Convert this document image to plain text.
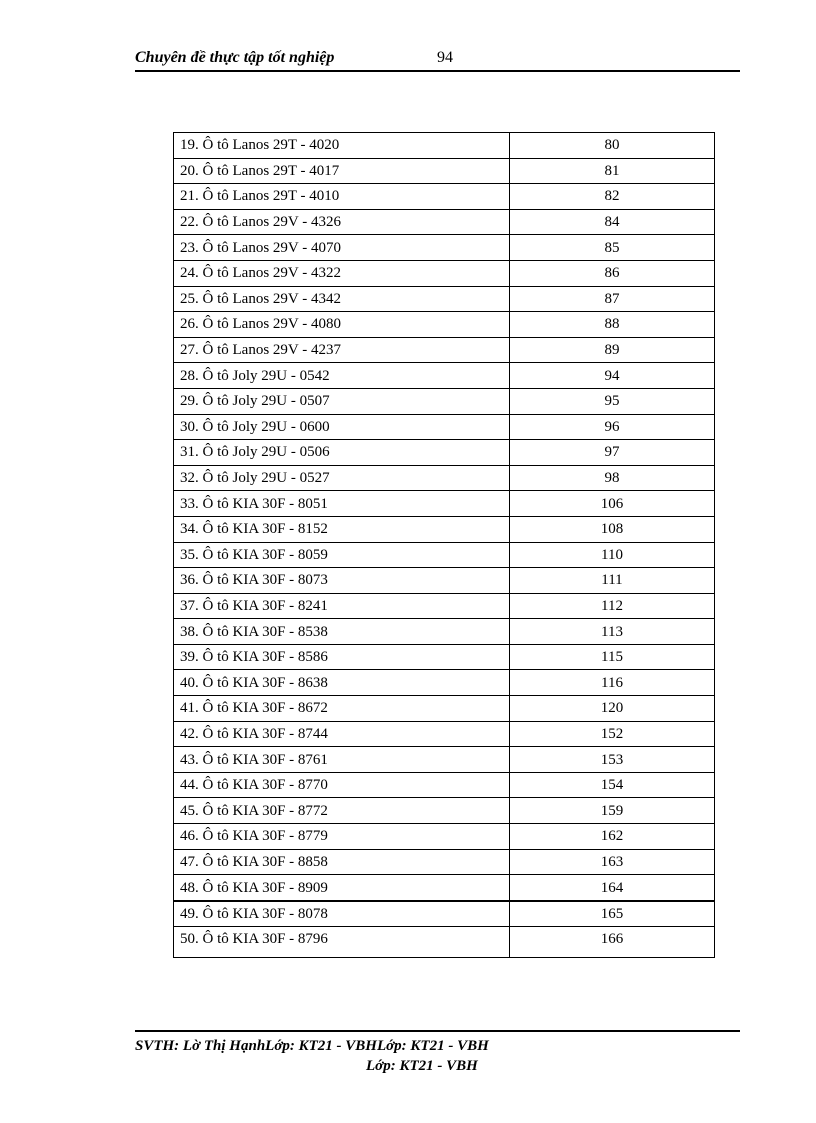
Chuyên đề thực tập tốt nghiệp	94
19. Ô tô Lanos 29T - 4020	80
20. Ô tô Lanos 29T - 4017	81
21. Ô tô Lanos 29T - 4010	82
22. Ô tô Lanos 29V - 4326	84
23. Ô tô Lanos 29V - 4070	85
24. Ô tô Lanos 29V - 4322	86
25. Ô tô Lanos 29V - 4342	87
26. Ô tô Lanos 29V - 4080	88
27. Ô tô Lanos 29V - 4237	89
28. Ô tô Joly 29U - 0542	94
29. Ô tô Joly 29U - 0507	95
30. Ô tô Joly 29U - 0600	96
31. Ô tô Joly 29U - 0506	97
32. Ô tô Joly 29U - 0527	98
33. Ô tô KIA 30F - 8051	106
34. Ô tô KIA 30F - 8152	108
35. Ô tô KIA 30F - 8059	110
36. Ô tô KIA 30F - 8073	111
37. Ô tô KIA 30F - 8241	112
38. Ô tô KIA 30F - 8538	113
39. Ô tô KIA 30F - 8586	115
40. Ô tô KIA 30F - 8638	116
41. Ô tô KIA 30F - 8672	120
42. Ô tô KIA 30F - 8744	152
43. Ô tô KIA 30F - 8761	153
44. Ô tô KIA 30F - 8770	154
45. Ô tô KIA 30F - 8772	159
46. Ô tô KIA 30F - 8779	162
47. Ô tô KIA 30F - 8858	163
48. Ô tô KIA 30F - 8909	164
49. Ô tô KIA 30F - 8078	165
50. Ô tô KIA 30F - 8796	166
SVTH: Lờ Thị HạnhLớp: KT21 - VBHLớp: KT21 - VBH
Lớp: KT21 - VBH
